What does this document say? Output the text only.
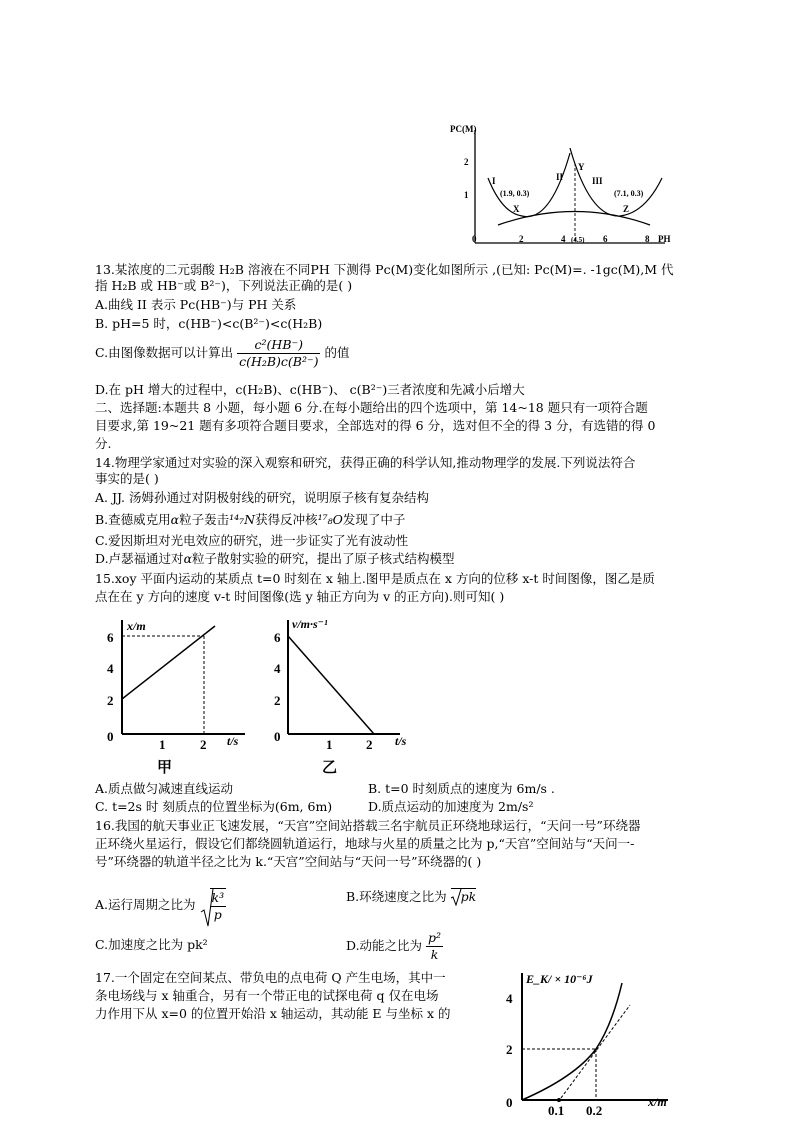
PC(M)
PH
2
1
0	2	4 (4.5) 6	8
I	II	III
(1.9, 0.3)	(7.1, 0.3)
X
Y
Z
13.某浓度的二元弱酸 H₂B 溶液在不同PH 下测得 Pc(M)变化如图所示 ,(已知: Pc(M)=. -1gc(M),M 代
指 H₂B 或 HB⁻或 B²⁻)，下列说法正确的是( )
A.曲线 II 表示 Pc(HB⁻)与 PH 关系
B. pH=5 时，c(HB⁻)<c(B²⁻)<c(H₂B)
C.由图像数据可以计算出 $\frac{\text{c²(HB⁻)}}{\text{c(H₂B)c(B²⁻)}}$ 的值
D.在 pH 增大的过程中，c(H₂B)、c(HB⁻)、 c(B²⁻)三者浓度和先减小后增大
二、选择题:本题共 8 小题，每小题 6 分.在每小题给出的四个选项中，第 14~18 题只有一项符合题
目要求,第 19~21 题有多项符合题目要求，全部选对的得 6 分，选对但不全的得 3 分，有选错的得 0
分.
14.物理学家通过对实验的深入观察和研究，获得正确的科学认知,推动物理学的发展.下列说法符合
事实的是( )
A. JJ. 汤姆孙通过对阴极射线的研究，说明原子核有复杂结构
B.查德威克用α粒子轰击¹⁴₇N获得反冲核¹⁷₈O发现了中子
C.爱因斯坦对光电效应的研究，进一步证实了光有波动性
D.卢瑟福通过对α粒子散射实验的研究，提出了原子核式结构模型
15.xoy 平面内运动的某质点 t=0 时刻在 x 轴上.图甲是质点在 x 方向的位移 x-t 时间图像，图乙是质
点在在 y 方向的速度 v-t 时间图像(选 y 轴正方向为 v 的正方向).则可知( )
x/m
t/s
6
4
2
0
1	2
甲
v/m·s⁻¹
t/s
6
4
2
0
1	2
乙
A.质点做匀减速直线运动	B. t=0 时刻质点的速度为 6m/s .
C. t=2s 时 刻质点的位置坐标为(6m, 6m)	D.质点运动的加速度为 2m/s²
16.我国的航天事业正飞速发展，“天宫”空间站搭载三名宇航员正环绕地球运行，“天问一号”环绕器
正环绕火星运行，假设它们都绕圆轨道运行，地球与火星的质量之比为 p,“天宫”空间站与“天问一-
号”环绕器的轨道半径之比为 k.“天宫”空间站与“天问一号”环绕器的( )
A.运行周期之比为 $\frac{\text{k³}}{p}$	B.环绕速度之比为 pk
C.加速度之比为 pk²	D.动能之比为 $\frac{\text{p²}}{k}$
17.一个固定在空间某点、带负电的点电荷 Q 产生电场，其中一
条电场线与 x 轴重合，另有一个带正电的试探电荷 q 仅在电场
力作用下从 x=0 的位置开始沿 x 轴运动，其动能 E 与坐标 x 的
E_K/ × 10⁻⁶J
x/m
4
2
0
0.1 0.2
